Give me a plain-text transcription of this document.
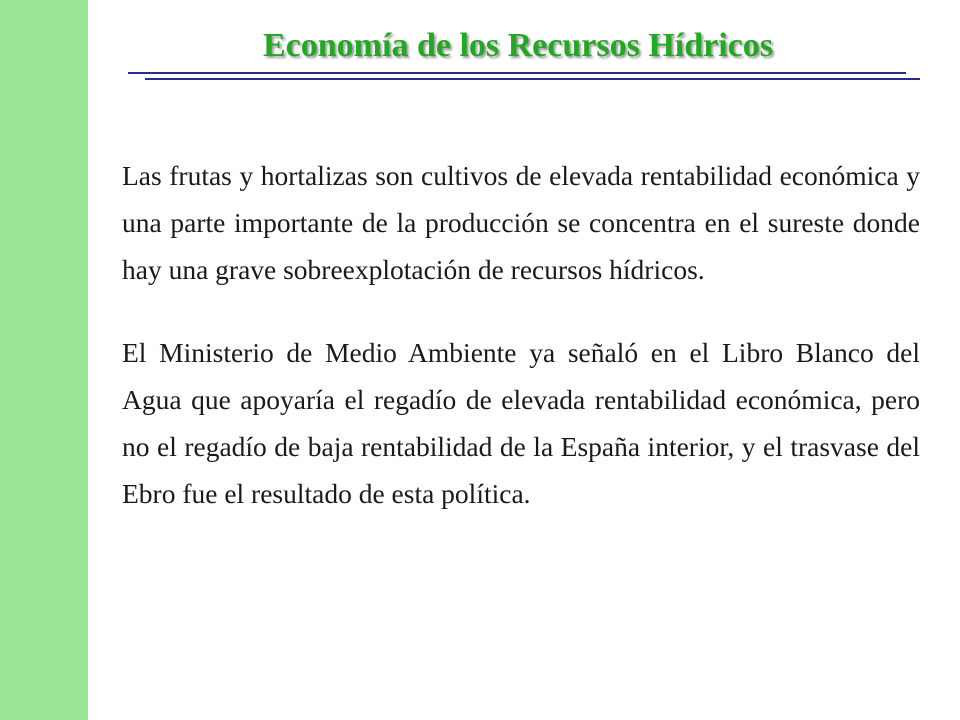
Economía de los Recursos Hídricos

Las frutas y hortalizas son cultivos de elevada rentabilidad económica y una parte importante de la producción se concentra en el sureste donde hay una grave sobreexplotación de recursos hídricos.

El Ministerio de Medio Ambiente ya señaló en el Libro Blanco del Agua que apoyaría el regadío de elevada rentabilidad económica, pero no el regadío de baja rentabilidad de la España interior, y el trasvase del Ebro fue el resultado de esta política.
